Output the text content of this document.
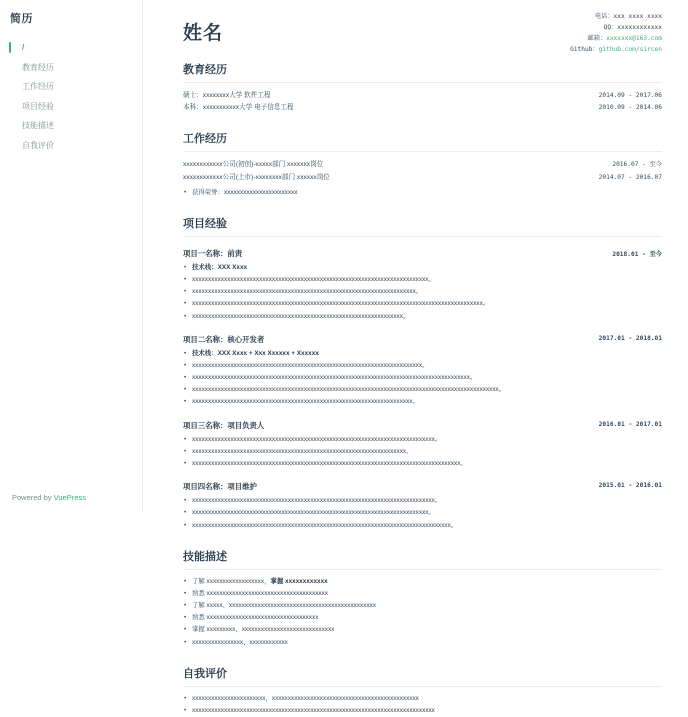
简历
/
教育经历
工作经历
项目经验
技能描述
自我评价
Powered by VuePress
电话：xxx xxxx xxxx
QQ：xxxxxxxxxxxx
邮箱：xxxxxxx@163.com
Github：github.com/sircen
姓名
教育经历
硕士：xxxxxxxx大学 软件工程	2014.09 - 2017.06
本科：xxxxxxxxxxx大学 电子信息工程	2010.09 - 2014.06
工作经历
xxxxxxxxxxxx公司(初创)-xxxxx部门 xxxxxxx岗位	2016.07 - 至今
xxxxxxxxxxxx公司(上市)-xxxxxxxx部门 xxxxxx岗位	2014.07 - 2016.07
• 获得荣誉：xxxxxxxxxxxxxxxxxxxxxxx
项目经验
项目一名称：前责	2018.01 - 至今
• 技术栈：XXX Xxxx
• xxxxxxxxxxxxxxxxxxxxxxxxxxxxxxxxxxxxxxxxxxxxxxxxxxxxxxxxxxxxxxxxxxxxxxxxxx。
• xxxxxxxxxxxxxxxxxxxxxxxxxxxxxxxxxxxxxxxxxxxxxxxxxxxxxxxxxxxxxxxxxxxxxx。
• xxxxxxxxxxxxxxxxxxxxxxxxxxxxxxxxxxxxxxxxxxxxxxxxxxxxxxxxxxxxxxxxxxxxxxxxxxxxxxxxxxxxxxxxxxx。
• xxxxxxxxxxxxxxxxxxxxxxxxxxxxxxxxxxxxxxxxxxxxxxxxxxxxxxxxxxxxxxxxxx。
项目二名称：核心开发者	2017.01 - 2018.01
• 技术栈：XXX Xxxx + Xxx Xxxxxx + Xxxxxx
• xxxxxxxxxxxxxxxxxxxxxxxxxxxxxxxxxxxxxxxxxxxxxxxxxxxxxxxxxxxxxxxxxxxxxxxx。
• xxxxxxxxxxxxxxxxxxxxxxxxxxxxxxxxxxxxxxxxxxxxxxxxxxxxxxxxxxxxxxxxxxxxxxxxxxxxxxxxxxxxxxx。
• xxxxxxxxxxxxxxxxxxxxxxxxxxxxxxxxxxxxxxxxxxxxxxxxxxxxxxxxxxxxxxxxxxxxxxxxxxxxxxxxxxxxxxxxxxxxxxxx。
• xxxxxxxxxxxxxxxxxxxxxxxxxxxxxxxxxxxxxxxxxxxxxxxxxxxxxxxxxxxxxxxxxxxxx。
项目三名称：项目负责人	2016.01 - 2017.01
• xxxxxxxxxxxxxxxxxxxxxxxxxxxxxxxxxxxxxxxxxxxxxxxxxxxxxxxxxxxxxxxxxxxxxxxxxxxx。
• xxxxxxxxxxxxxxxxxxxxxxxxxxxxxxxxxxxxxxxxxxxxxxxxxxxxxxxxxxxxxxxxxxx。
• xxxxxxxxxxxxxxxxxxxxxxxxxxxxxxxxxxxxxxxxxxxxxxxxxxxxxxxxxxxxxxxxxxxxxxxxxxxxxxxxxxxx。
项目四名称：项目维护	2015.01 - 2016.01
• xxxxxxxxxxxxxxxxxxxxxxxxxxxxxxxxxxxxxxxxxxxxxxxxxxxxxxxxxxxxxxxxxxxxxxxxxxxx。
• xxxxxxxxxxxxxxxxxxxxxxxxxxxxxxxxxxxxxxxxxxxxxxxxxxxxxxxxxxxxxxxxxxxxxxxxxx。
• xxxxxxxxxxxxxxxxxxxxxxxxxxxxxxxxxxxxxxxxxxxxxxxxxxxxxxxxxxxxxxxxxxxxxxxxxxxxxxxxx。
技能描述
• 了解 xxxxxxxxxxxxxxxxxx，掌握 xxxxxxxxxxxx
• 熟悉 xxxxxxxxxxxxxxxxxxxxxxxxxxxxxxxxxxxxxx
• 了解 xxxxx、xxxxxxxxxxxxxxxxxxxxxxxxxxxxxxxxxxxxxxxxxxxxxx
• 熟悉 xxxxxxxxxxxxxxxxxxxxxxxxxxxxxxxxxxx
• 掌握 xxxxxxxxx、xxxxxxxxxxxxxxxxxxxxxxxxxxxxx
• xxxxxxxxxxxxxxxx、xxxxxxxxxxxx
自我评价
• xxxxxxxxxxxxxxxxxxxxxxx，xxxxxxxxxxxxxxxxxxxxxxxxxxxxxxxxxxxxxxxxxxxxxx
• xxxxxxxxxxxxxxxxxxxxxxxxxxxxxxxxxxxxxxxxxxxxxxxxxxxxxxxxxxxxxxxxxxxxxxxxxxxx
